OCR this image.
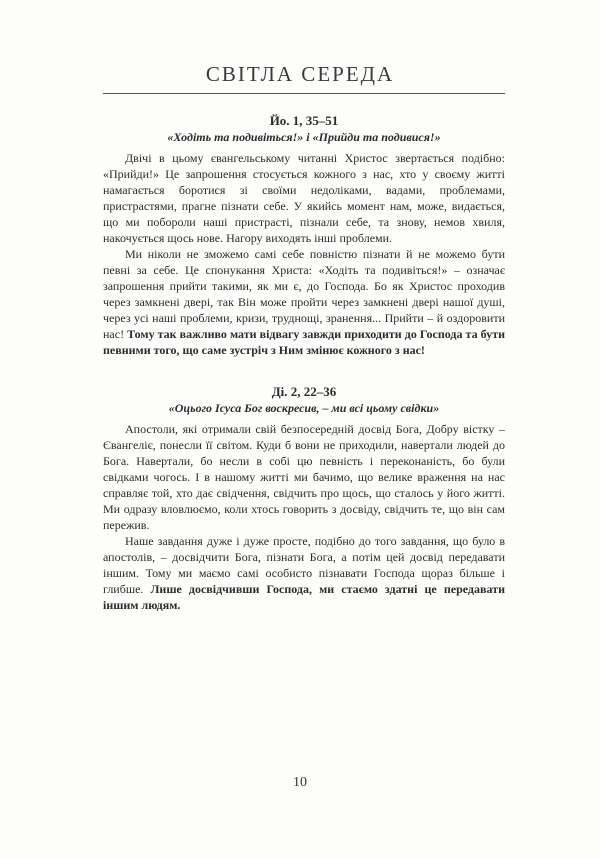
СВІТЛА СЕРЕДА
Йо. 1, 35–51
«Ходіть та подивіться!» і «Прийди та подивися!»

Двічі в цьому євангельському читанні Христос звертається подібно: «Прийди!» Це запрошення стосується кожного з нас, хто у своєму житті намагається боротися зі своїми недоліками, вадами, проблемами, пристрастями, прагне пізнати себе. У якийсь момент нам, може, видається, що ми побороли наші пристрасті, пізнали себе, та знову, немов хвиля, накочується щось нове. Нагору виходять інші проблеми.

Ми ніколи не зможемо самі себе повністю пізнати й не можемо бути певні за себе. Це спонукання Христа: «Ходіть та подивіться!» – означає запрошення прийти такими, як ми є, до Господа. Бо як Христос проходив через замкнені двері, так Він може пройти через замкнені двері нашої душі, через усі наші проблеми, кризи, труднощі, зранення... Прийти – й оздоровити нас! Тому так важливо мати відвагу завжди приходити до Господа та бути певними того, що саме зустріч з Ним змінює кожного з нас!

Ді. 2, 22–36
«Оцього Ісуса Бог воскресив, – ми всі цьому свідки»

Апостоли, які отримали свій безпосередній досвід Бога, Добру вістку – Євангеліє, понесли її світом. Куди б вони не приходили, навертали людей до Бога. Навертали, бо несли в собі цю певність і переконаність, бо були свідками чогось. І в нашому житті ми бачимо, що велике враження на нас справляє той, хто дає свідчення, свідчить про щось, що сталось у його житті. Ми одразу вловлюємо, коли хтось говорить з досвіду, свідчить те, що він сам пережив.

Наше завдання дуже і дуже просте, подібно до того завдання, що було в апостолів, – досвідчити Бога, пізнати Бога, а потім цей досвід передавати іншим. Тому ми маємо самі особисто пізнавати Господа щораз більше і глибше. Лише досвідчивши Господа, ми стаємо здатні це передавати іншим людям.

10
